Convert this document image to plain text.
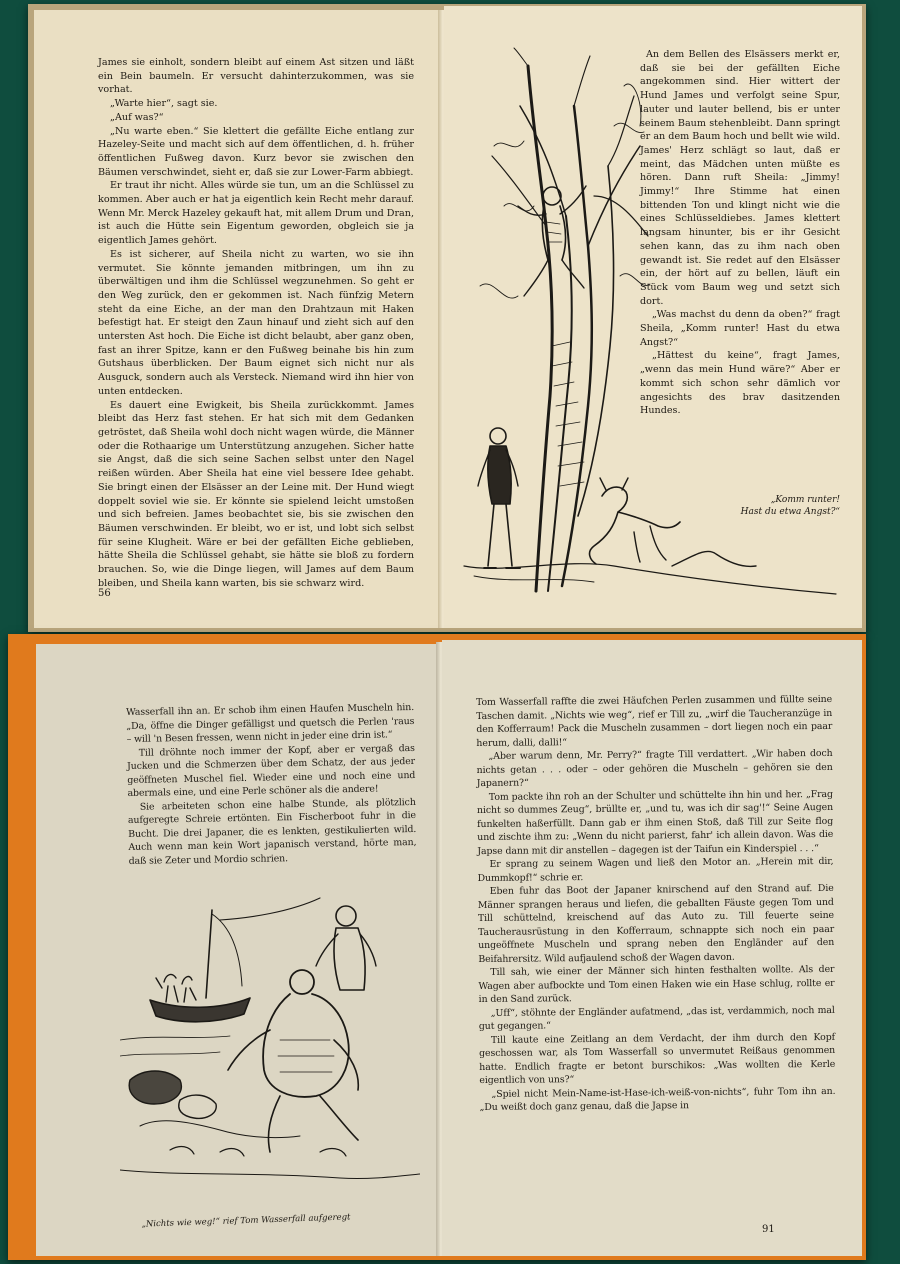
James sie einholt, sondern bleibt auf einem Ast sitzen und läßt ein Bein baumeln. Er versucht dahinterzukommen, was sie vorhat.

„Warte hier“, sagt sie.

„Auf was?“

„Nu warte eben.“ Sie klettert die gefällte Eiche entlang zur Hazeley-Seite und macht sich auf dem öffentlichen, d. h. früher öffentlichen Fußweg davon. Kurz bevor sie zwischen den Bäumen verschwindet, sieht er, daß sie zur Lower-Farm abbiegt.

Er traut ihr nicht. Alles würde sie tun, um an die Schlüssel zu kommen. Aber auch er hat ja eigentlich kein Recht mehr darauf. Wenn Mr. Merck Hazeley gekauft hat, mit allem Drum und Dran, ist auch die Hütte sein Eigentum geworden, obgleich sie ja eigentlich James gehört.

Es ist sicherer, auf Sheila nicht zu warten, wo sie ihn vermutet. Sie könnte jemanden mitbringen, um ihn zu überwältigen und ihm die Schlüssel wegzunehmen. So geht er den Weg zurück, den er gekommen ist. Nach fünfzig Metern steht da eine Eiche, an der man den Drahtzaun mit Haken befestigt hat. Er steigt den Zaun hinauf und zieht sich auf den untersten Ast hoch. Die Eiche ist dicht belaubt, aber ganz oben, fast an ihrer Spitze, kann er den Fußweg beinahe bis hin zum Gutshaus überblicken. Der Baum eignet sich nicht nur als Ausguck, sondern auch als Versteck. Niemand wird ihn hier von unten entdecken.

Es dauert eine Ewigkeit, bis Sheila zurückkommt. James bleibt das Herz fast stehen. Er hat sich mit dem Gedanken getröstet, daß Sheila wohl doch nicht wagen würde, die Männer oder die Rothaarige um Unterstützung anzugehen. Sicher hatte sie Angst, daß die sich seine Sachen selbst unter den Nagel reißen würden. Aber Sheila hat eine viel bessere Idee gehabt. Sie bringt einen der Elsässer an der Leine mit. Der Hund wiegt doppelt soviel wie sie. Er könnte sie spielend leicht umstoßen und sich befreien. James beobachtet sie, bis sie zwischen den Bäumen verschwinden. Er bleibt, wo er ist, und lobt sich selbst für seine Klugheit. Wäre er bei der gefällten Eiche geblieben, hätte Sheila die Schlüssel gehabt, sie hätte sie bloß zu fordern brauchen. So, wie die Dinge liegen, will James auf dem Baum bleiben, und Sheila kann warten, bis sie schwarz wird.

56

An dem Bellen des Elsässers merkt er, daß sie bei der gefällten Eiche angekommen sind. Hier wittert der Hund James und verfolgt seine Spur, lauter und lauter bellend, bis er unter seinem Baum stehenbleibt. Dann springt er an dem Baum hoch und bellt wie wild. James' Herz schlägt so laut, daß er meint, das Mädchen unten müßte es hören. Dann ruft Sheila: „Jimmy! Jimmy!“ Ihre Stimme hat einen bittenden Ton und klingt nicht wie die eines Schlüsseldiebes. James klettert langsam hinunter, bis er ihr Gesicht sehen kann, das zu ihm nach oben gewandt ist. Sie redet auf den Elsässer ein, der hört auf zu bellen, läuft ein Stück vom Baum weg und setzt sich dort.

„Was machst du denn da oben?“ fragt Sheila, „Komm runter! Hast du etwa Angst?“

„Hättest du keine“, fragt James, „wenn das mein Hund wäre?“ Aber er kommt sich schon sehr dämlich vor angesichts des brav dasitzenden Hundes.

„Komm runter!
Hast du etwa Angst?“

Wasserfall ihn an. Er schob ihm einen Haufen Muscheln hin. „Da, öffne die Dinger gefälligst und quetsch die Perlen 'raus – will 'n Besen fressen, wenn nicht in jeder eine drin ist.“

Till dröhnte noch immer der Kopf, aber er vergaß das Jucken und die Schmerzen über dem Schatz, der aus jeder geöffneten Muschel fiel. Wieder eine und noch eine und abermals eine, und eine Perle schöner als die andere!

Sie arbeiteten schon eine halbe Stunde, als plötzlich aufgeregte Schreie ertönten. Ein Fischerboot fuhr in die Bucht. Die drei Japaner, die es lenkten, gestikulierten wild. Auch wenn man kein Wort japanisch verstand, hörte man, daß sie Zeter und Mordio schrien.

„Nichts wie weg!“ rief Tom Wasserfall aufgeregt

Tom Wasserfall raffte die zwei Häufchen Perlen zusammen und füllte seine Taschen damit. „Nichts wie weg“, rief er Till zu, „wirf die Taucheranzüge in den Kofferraum! Pack die Muscheln zusammen – dort liegen noch ein paar herum, dalli, dalli!“

„Aber warum denn, Mr. Perry?“ fragte Till verdattert. „Wir haben doch nichts getan . . . oder – oder gehören die Muscheln – gehören sie den Japanern?“

Tom packte ihn roh an der Schulter und schüttelte ihn hin und her. „Frag nicht so dummes Zeug“, brüllte er, „und tu, was ich dir sag'!“ Seine Augen funkelten haßerfüllt. Dann gab er ihm einen Stoß, daß Till zur Seite flog und zischte ihm zu: „Wenn du nicht parierst, fahr' ich allein davon. Was die Japse dann mit dir anstellen – dagegen ist der Taifun ein Kinderspiel . . .“

Er sprang zu seinem Wagen und ließ den Motor an. „Herein mit dir, Dummkopf!“ schrie er.

Eben fuhr das Boot der Japaner knirschend auf den Strand auf. Die Männer sprangen heraus und liefen, die geballten Fäuste gegen Tom und Till schüttelnd, kreischend auf das Auto zu. Till feuerte seine Taucherausrüstung in den Kofferraum, schnappte sich noch ein paar ungeöffnete Muscheln und sprang neben den Engländer auf den Beifahrersitz. Wild aufjaulend schoß der Wagen davon.

Till sah, wie einer der Männer sich hinten festhalten wollte. Als der Wagen aber aufbockte und Tom einen Haken wie ein Hase schlug, rollte er in den Sand zurück.

„Uff“, stöhnte der Engländer aufatmend, „das ist, verdammich, noch mal gut gegangen.“

Till kaute eine Zeitlang an dem Verdacht, der ihm durch den Kopf geschossen war, als Tom Wasserfall so unvermutet Reißaus genommen hatte. Endlich fragte er betont burschikos: „Was wollten die Kerle eigentlich von uns?“

„Spiel nicht Mein-Name-ist-Hase-ich-weiß-von-nichts“, fuhr Tom ihn an. „Du weißt doch ganz genau, daß die Japse in

91
